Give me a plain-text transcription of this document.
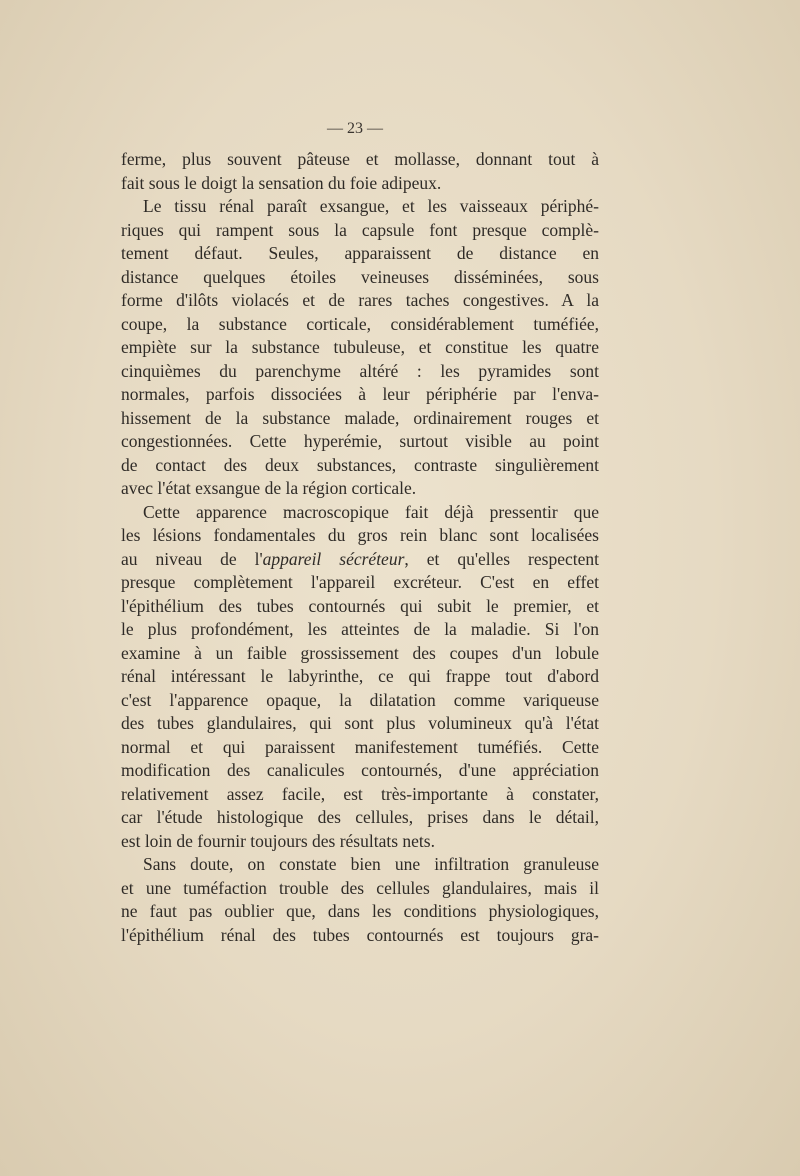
— 23 —
ferme, plus souvent pâteuse et mollasse, donnant tout à
fait sous le doigt la sensation du foie adipeux.
Le tissu rénal paraît exsangue, et les vaisseaux périphé-
riques qui rampent sous la capsule font presque complè-
tement défaut. Seules, apparaissent de distance en
distance quelques étoiles veineuses disséminées, sous
forme d'ilôts violacés et de rares taches congestives. A la
coupe, la substance corticale, considérablement tuméfiée,
empiète sur la substance tubuleuse, et constitue les quatre
cinquièmes du parenchyme altéré : les pyramides sont
normales, parfois dissociées à leur périphérie par l'enva-
hissement de la substance malade, ordinairement rouges et
congestionnées. Cette hyperémie, surtout visible au point
de contact des deux substances, contraste singulièrement
avec l'état exsangue de la région corticale.
Cette apparence macroscopique fait déjà pressentir que
les lésions fondamentales du gros rein blanc sont localisées
au niveau de l'appareil sécréteur, et qu'elles respectent
presque complètement l'appareil excréteur. C'est en effet
l'épithélium des tubes contournés qui subit le premier, et
le plus profondément, les atteintes de la maladie. Si l'on
examine à un faible grossissement des coupes d'un lobule
rénal intéressant le labyrinthe, ce qui frappe tout d'abord
c'est l'apparence opaque, la dilatation comme variqueuse
des tubes glandulaires, qui sont plus volumineux qu'à l'état
normal et qui paraissent manifestement tuméfiés. Cette
modification des canalicules contournés, d'une appréciation
relativement assez facile, est très-importante à constater,
car l'étude histologique des cellules, prises dans le détail,
est loin de fournir toujours des résultats nets.
Sans doute, on constate bien une infiltration granuleuse
et une tuméfaction trouble des cellules glandulaires, mais il
ne faut pas oublier que, dans les conditions physiologiques,
l'épithélium rénal des tubes contournés est toujours gra-
